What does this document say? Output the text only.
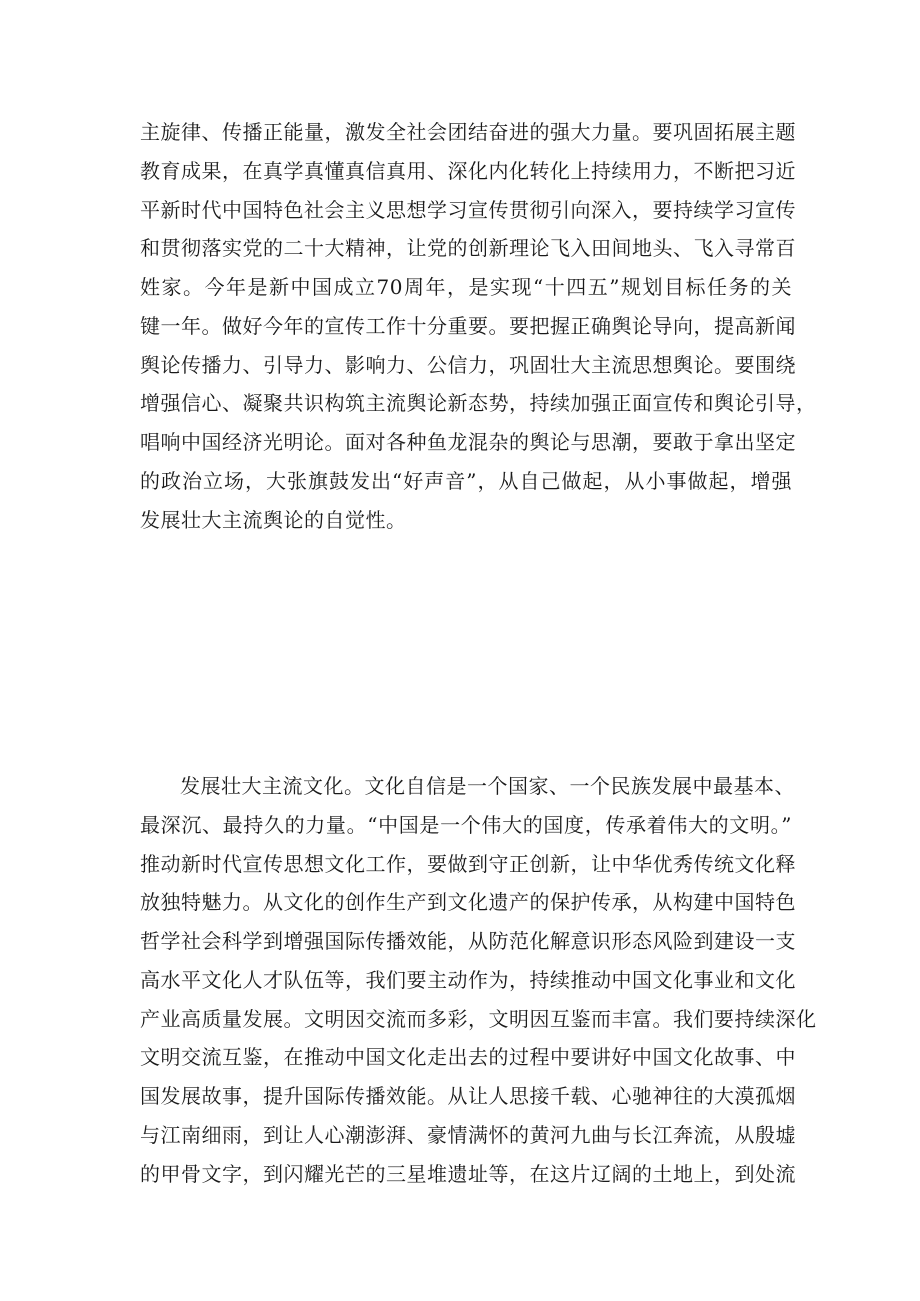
主旋律、传播正能量，激发全社会团结奋进的强大力量。要巩固拓展主题
教育成果，在真学真懂真信真用、深化内化转化上持续用力，不断把习近
平新时代中国特色社会主义思想学习宣传贯彻引向深入，要持续学习宣传
和贯彻落实党的二十大精神，让党的创新理论飞入田间地头、飞入寻常百
姓家。今年是新中国成立70周年，是实现“十四五”规划目标任务的关
键一年。做好今年的宣传工作十分重要。要把握正确舆论导向，提高新闻
舆论传播力、引导力、影响力、公信力，巩固壮大主流思想舆论。要围绕
增强信心、凝聚共识构筑主流舆论新态势，持续加强正面宣传和舆论引导，
唱响中国经济光明论。面对各种鱼龙混杂的舆论与思潮，要敢于拿出坚定
的政治立场，大张旗鼓发出“好声音”，从自己做起，从小事做起，增强
发展壮大主流舆论的自觉性。
发展壮大主流文化。文化自信是一个国家、一个民族发展中最基本、
最深沉、最持久的力量。“中国是一个伟大的国度，传承着伟大的文明。”
推动新时代宣传思想文化工作，要做到守正创新，让中华优秀传统文化释
放独特魅力。从文化的创作生产到文化遗产的保护传承，从构建中国特色
哲学社会科学到增强国际传播效能，从防范化解意识形态风险到建设一支
高水平文化人才队伍等，我们要主动作为，持续推动中国文化事业和文化
产业高质量发展。文明因交流而多彩，文明因互鉴而丰富。我们要持续深化
文明交流互鉴，在推动中国文化走出去的过程中要讲好中国文化故事、中
国发展故事，提升国际传播效能。从让人思接千载、心驰神往的大漠孤烟
与江南细雨，到让人心潮澎湃、豪情满怀的黄河九曲与长江奔流，从殷墟
的甲骨文字，到闪耀光芒的三星堆遗址等，在这片辽阔的土地上，到处流
